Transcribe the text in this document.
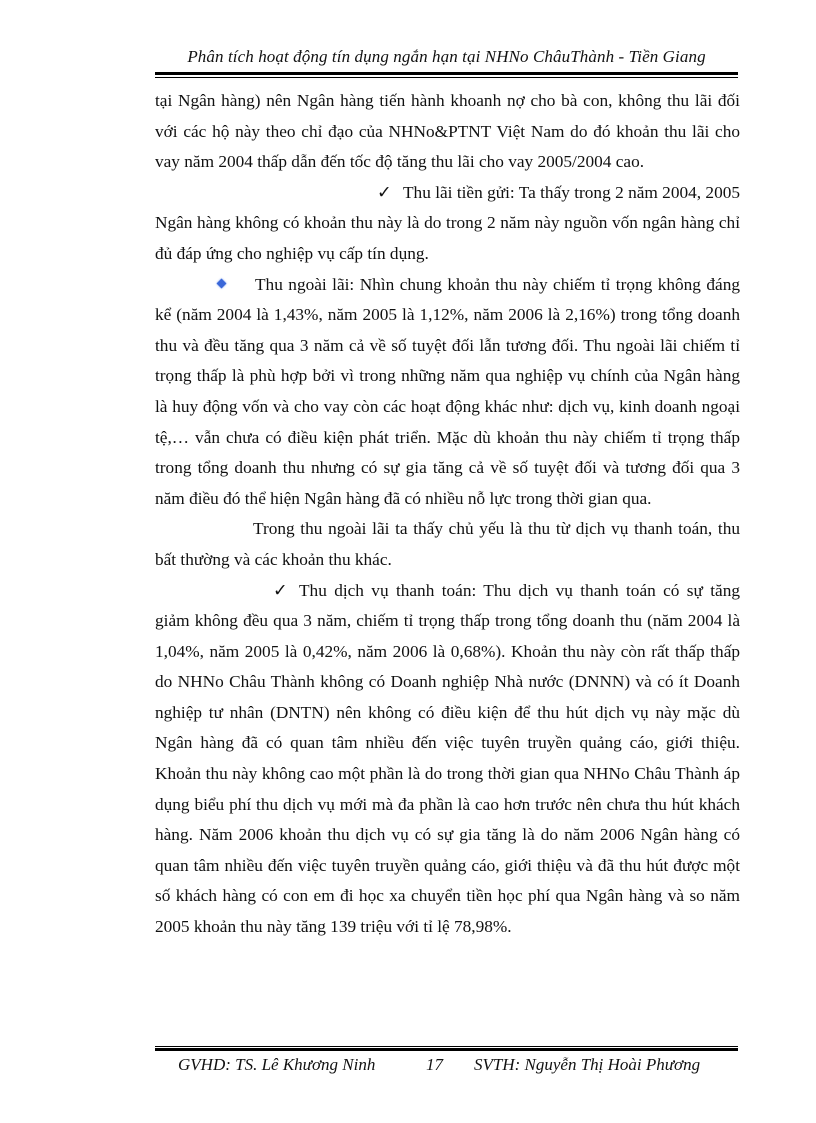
Phân tích hoạt động tín dụng ngắn hạn tại NHNo ChâuThành - Tiền Giang

tại Ngân hàng) nên Ngân hàng tiến hành khoanh nợ cho bà con, không thu lãi đối với các hộ này theo chỉ đạo của NHNo&PTNT Việt Nam do đó khoản thu lãi cho vay năm 2004 thấp dẫn đến tốc độ tăng thu lãi cho vay 2005/2004 cao.

✓ Thu lãi tiền gửi: Ta thấy trong 2 năm 2004, 2005 Ngân hàng không có khoản thu này là do trong 2 năm này nguồn vốn ngân hàng chỉ đủ đáp ứng cho nghiệp vụ cấp tín dụng.

Thu ngoài lãi: Nhìn chung khoản thu này chiếm tỉ trọng không đáng kể (năm 2004 là 1,43%, năm 2005 là 1,12%, năm 2006 là 2,16%) trong tổng doanh thu và đều tăng qua 3 năm cả về số tuyệt đối lẫn tương đối. Thu ngoài lãi chiếm tỉ trọng thấp là phù hợp bởi vì trong những năm qua nghiệp vụ chính của Ngân hàng là huy động vốn và cho vay còn các hoạt động khác như: dịch vụ, kinh doanh ngoại tệ,… vẫn chưa có điều kiện phát triển. Mặc dù khoản thu này chiếm tỉ trọng thấp trong tổng doanh thu nhưng có sự gia tăng cả về số tuyệt đối và tương đối qua 3 năm điều đó thể hiện Ngân hàng đã có nhiều nỗ lực trong thời gian qua.

Trong thu ngoài lãi ta thấy chủ yếu là thu từ dịch vụ thanh toán, thu bất thường và các khoản thu khác.

✓ Thu dịch vụ thanh toán: Thu dịch vụ thanh toán có sự tăng giảm không đều qua 3 năm, chiếm tỉ trọng thấp trong tổng doanh thu (năm 2004 là 1,04%, năm 2005 là 0,42%, năm 2006 là 0,68%). Khoản thu này còn rất thấp thấp do NHNo Châu Thành không có Doanh nghiệp Nhà nước (DNNN) và có ít Doanh nghiệp tư nhân (DNTN) nên không có điều kiện để thu hút dịch vụ này mặc dù Ngân hàng đã có quan tâm nhiều đến việc tuyên truyền quảng cáo, giới thiệu. Khoản thu này không cao một phần là do trong thời gian qua NHNo Châu Thành áp dụng biểu phí thu dịch vụ mới mà đa phần là cao hơn trước nên chưa thu hút khách hàng. Năm 2006 khoản thu dịch vụ có sự gia tăng là do năm 2006 Ngân hàng có quan tâm nhiều đến việc tuyên truyền quảng cáo, giới thiệu và đã thu hút được một số khách hàng có con em đi học xa chuyển tiền học phí qua Ngân hàng và so năm 2005 khoản thu này tăng 139 triệu với tỉ lệ 78,98%.

GVHD: TS. Lê Khương Ninh	17 SVTH: Nguyễn Thị Hoài Phương
